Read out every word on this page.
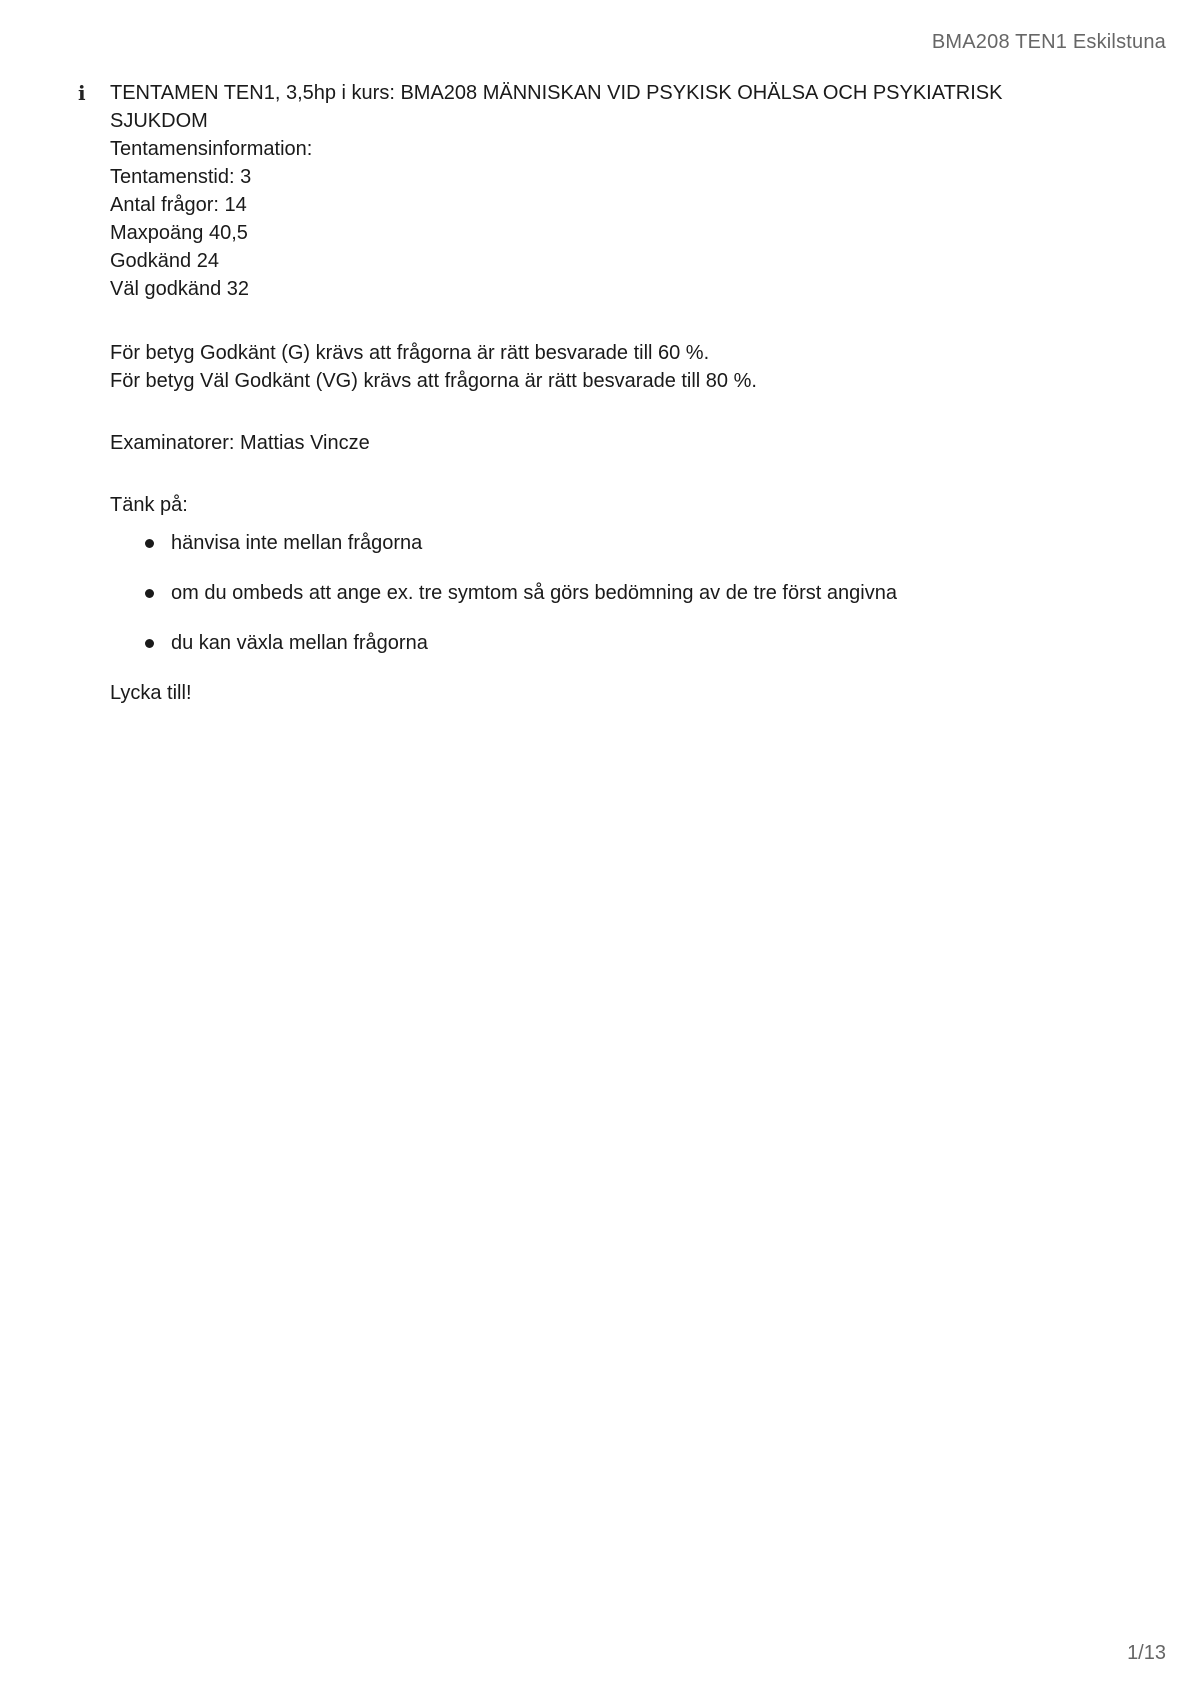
BMA208 TEN1 Eskilstuna
i	TENTAMEN TEN1, 3,5hp i kurs: BMA208 MÄNNISKAN VID PSYKISK OHÄLSA OCH PSYKIATRISK SJUKDOM

Tentamensinformation:

Tentamenstid: 3

Antal frågor: 14

Maxpoäng 40,5

Godkänd 24

Väl godkänd 32

För betyg Godkänt (G) krävs att frågorna är rätt besvarade till 60 %.

För betyg Väl Godkänt (VG) krävs att frågorna är rätt besvarade till 80 %.

Examinatorer: Mattias Vincze

Tänk på:

hänvisa inte mellan frågorna
om du ombeds att ange ex. tre symtom så görs bedömning av de tre först angivna
du kan växla mellan frågorna

Lycka till!

1/13
